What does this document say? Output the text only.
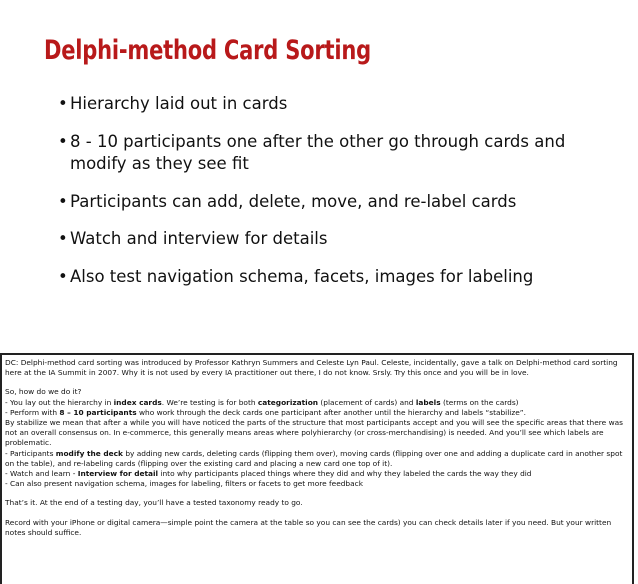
Delphi-method Card Sorting
• Hierarchy laid out in cards
• 8 - 10 participants one after the other go through cards and modify as they see fit
• Participants can add, delete, move, and re-label cards
• Watch and interview for details
• Also test navigation schema, facets, images for labeling

DC: Delphi-method card sorting was introduced by Professor Kathryn Summers and Celeste Lyn Paul. Celeste, incidentally, gave a talk on Delphi-method card sorting here at the IA Summit in 2007. Why it is not used by every IA practitioner out there, I do not know. Srsly. Try this once and you will be in love.

So, how do we do it?

- You lay out the hierarchy in index cards. We’re testing is for both categorization (placement of cards) and labels (terms on the cards)

- Perform with 8 – 10 participants who work through the deck cards one participant after another until the hierarchy and labels “stabilize”.

By stabilize we mean that after a while you will have noticed the parts of the structure that most participants accept and you will see the specific areas that there was not an overall consensus on. In e-commerce, this generally means areas where polyhierarchy (or cross-merchandising) is needed. And you’ll see which labels are problematic.

- Participants modify the deck by adding new cards, deleting cards (flipping them over), moving cards (flipping over one and adding a duplicate card in another spot on the table), and re-labeling cards (flipping over the existing card and placing a new card one top of it).

- Watch and learn - Interview for detail into why participants placed things where they did and why they labeled the cards the way they did

- Can also present navigation schema, images for labeling, filters or facets to get more feedback

That’s it. At the end of a testing day, you’ll have a tested taxonomy ready to go.

Record with your iPhone or digital camera—simple point the camera at the table so you can see the cards) you can check details later if you need. But your written notes should suffice.
